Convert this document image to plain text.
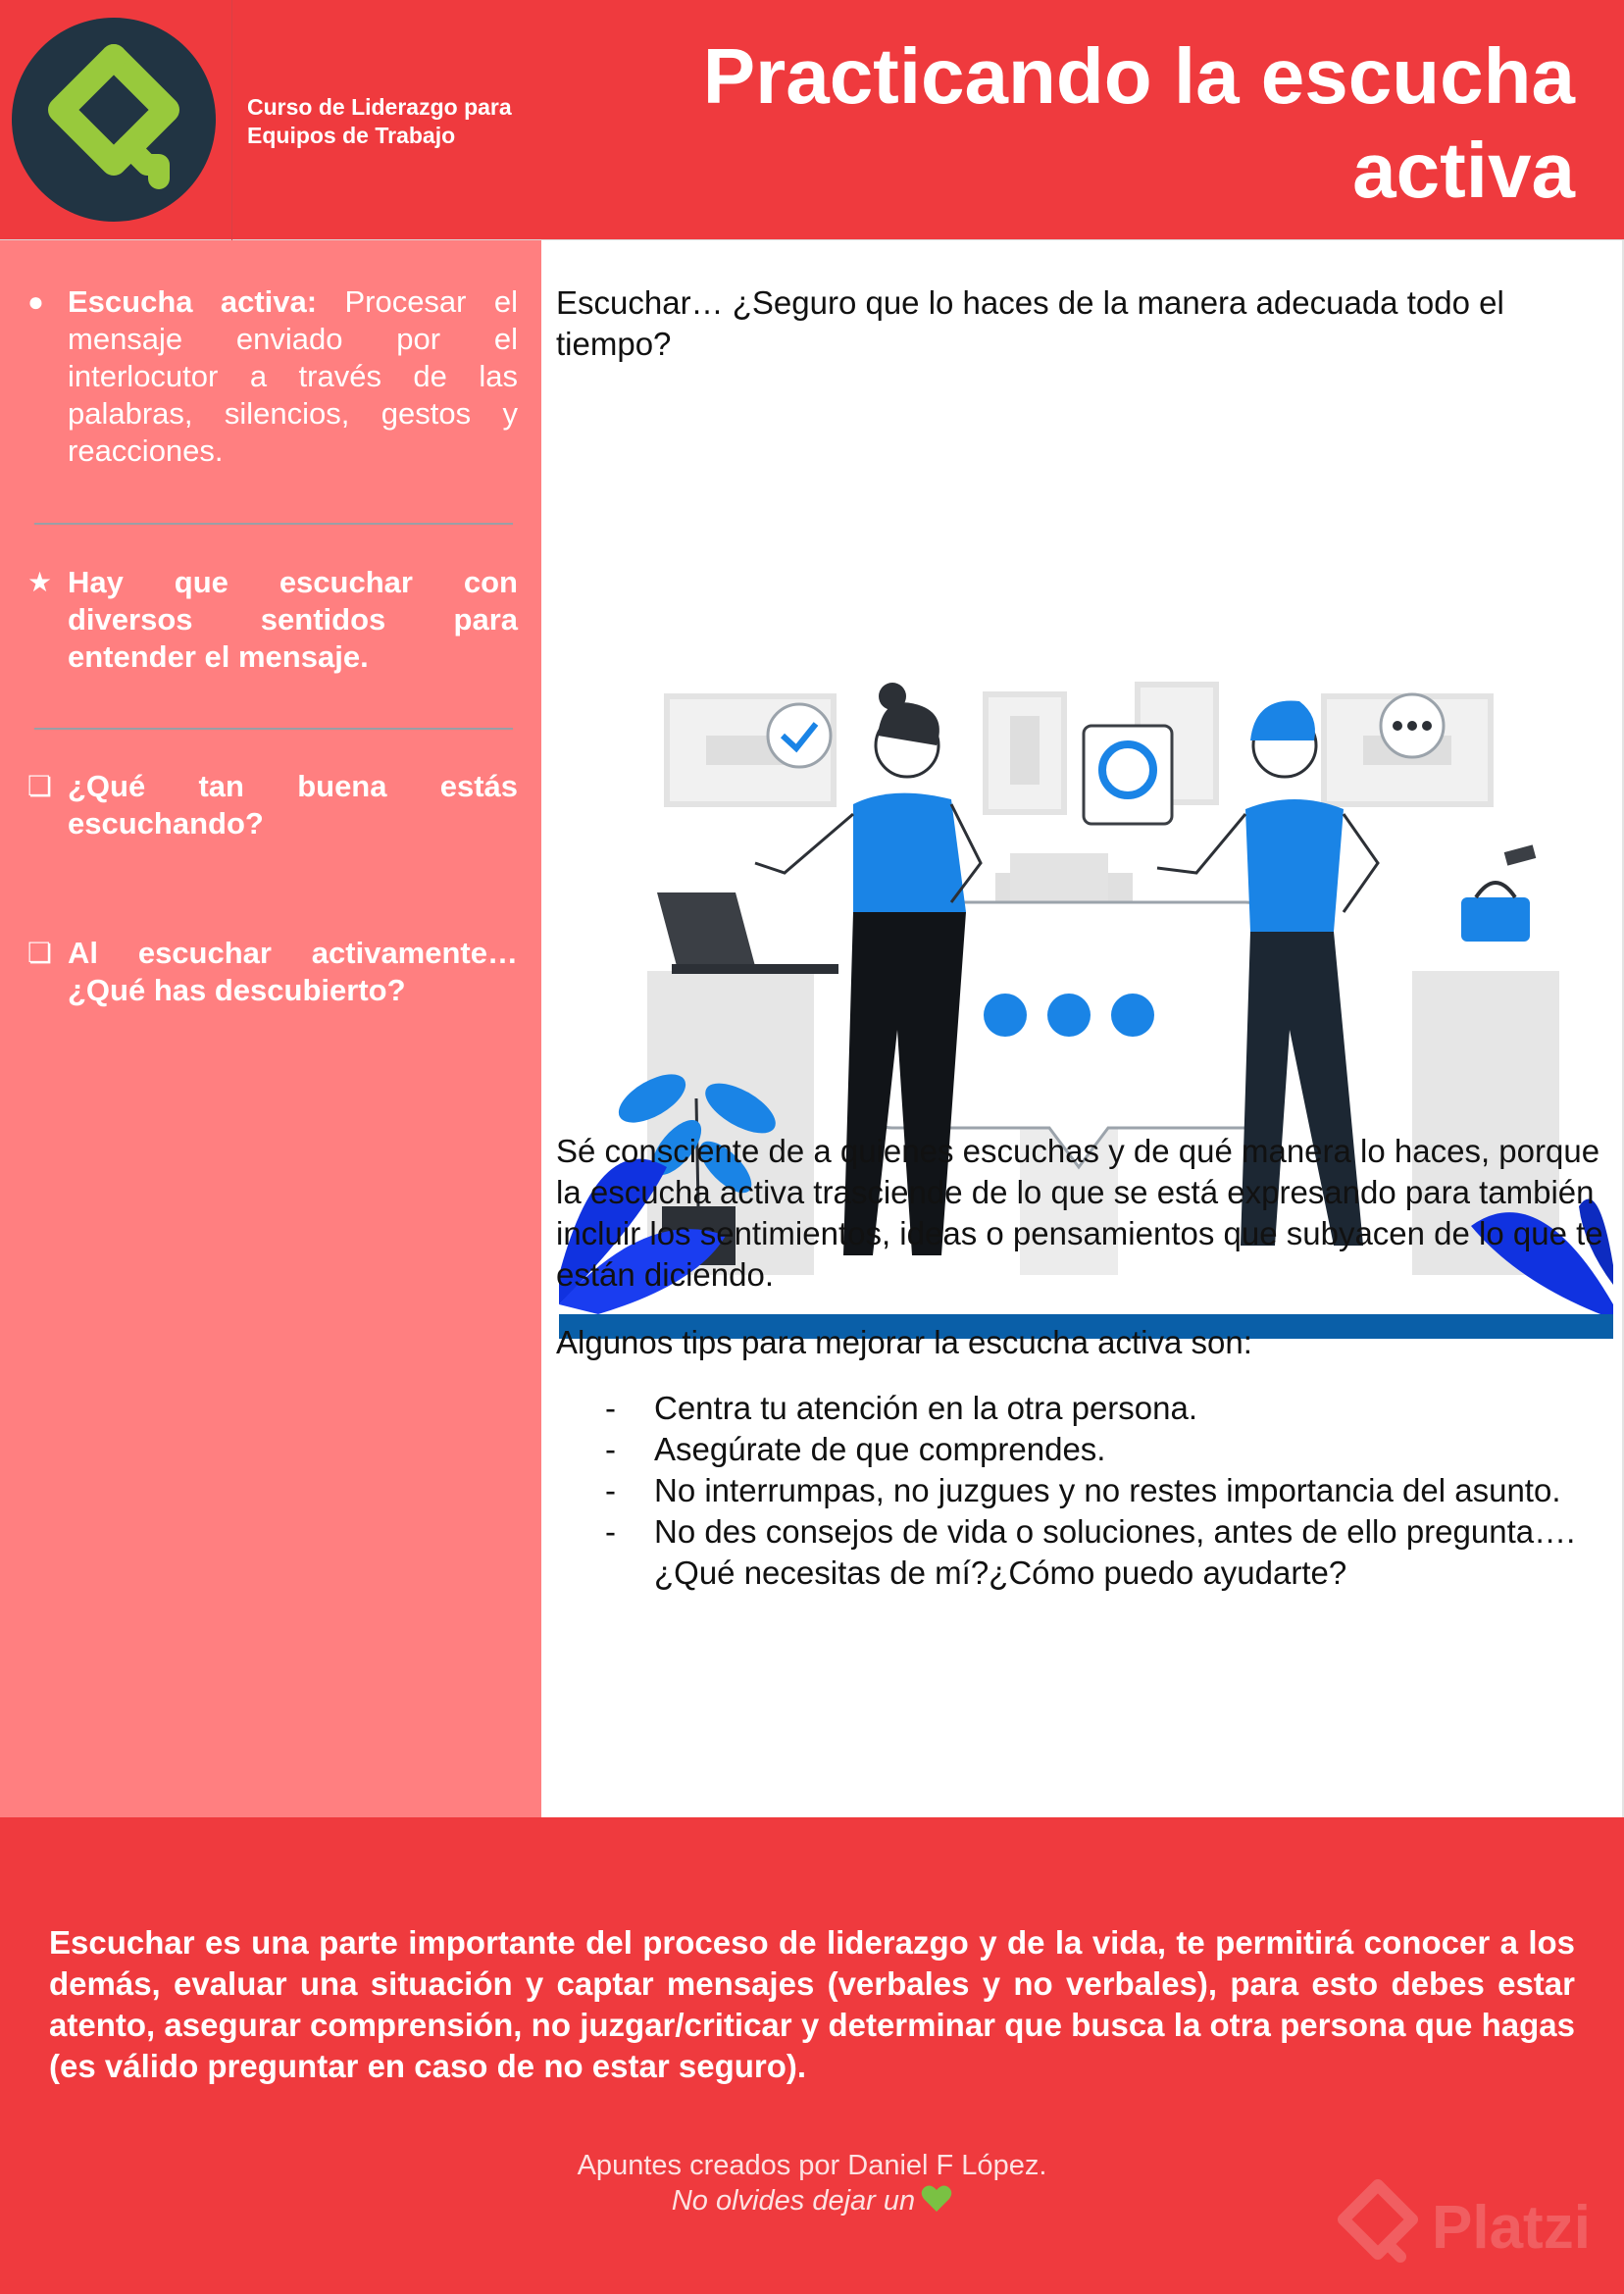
Curso de Liderazgo para Equipos de Trabajo
Practicando la escucha
activa
● Escucha activa: Procesar el mensaje enviado por el interlocutor a través de las palabras, silencios, gestos y reacciones.
★ Hay que escuchar con diversos sentidos para entender el mensaje.
❏ ¿Qué tan buena estás escuchando?
❏ Al escuchar activamente… ¿Qué has descubierto?
Escuchar… ¿Seguro que lo haces de la manera adecuada todo el tiempo?
Sé consciente de a quienes escuchas y de qué manera lo haces, porque la escucha activa trasciende de lo que se está expresando para también incluir los sentimientos, ideas o pensamientos que subyacen de lo que te están diciendo.
Algunos tips para mejorar la escucha activa son:
- Centra tu atención en la otra persona.
- Asegúrate de que comprendes.
- No interrumpas, no juzgues y no restes importancia del asunto.
- No des consejos de vida o soluciones, antes de ello pregunta…. ¿Qué necesitas de mí?¿Cómo puedo ayudarte?
Escuchar es una parte importante del proceso de liderazgo y de la vida, te permitirá conocer a los demás, evaluar una situación y captar mensajes (verbales y no verbales), para esto debes estar atento, asegurar comprensión, no juzgar/criticar y determinar que busca la otra persona que hagas (es válido preguntar en caso de no estar seguro).
Apuntes creados por Daniel F López.
No olvides dejar un	Platzi
